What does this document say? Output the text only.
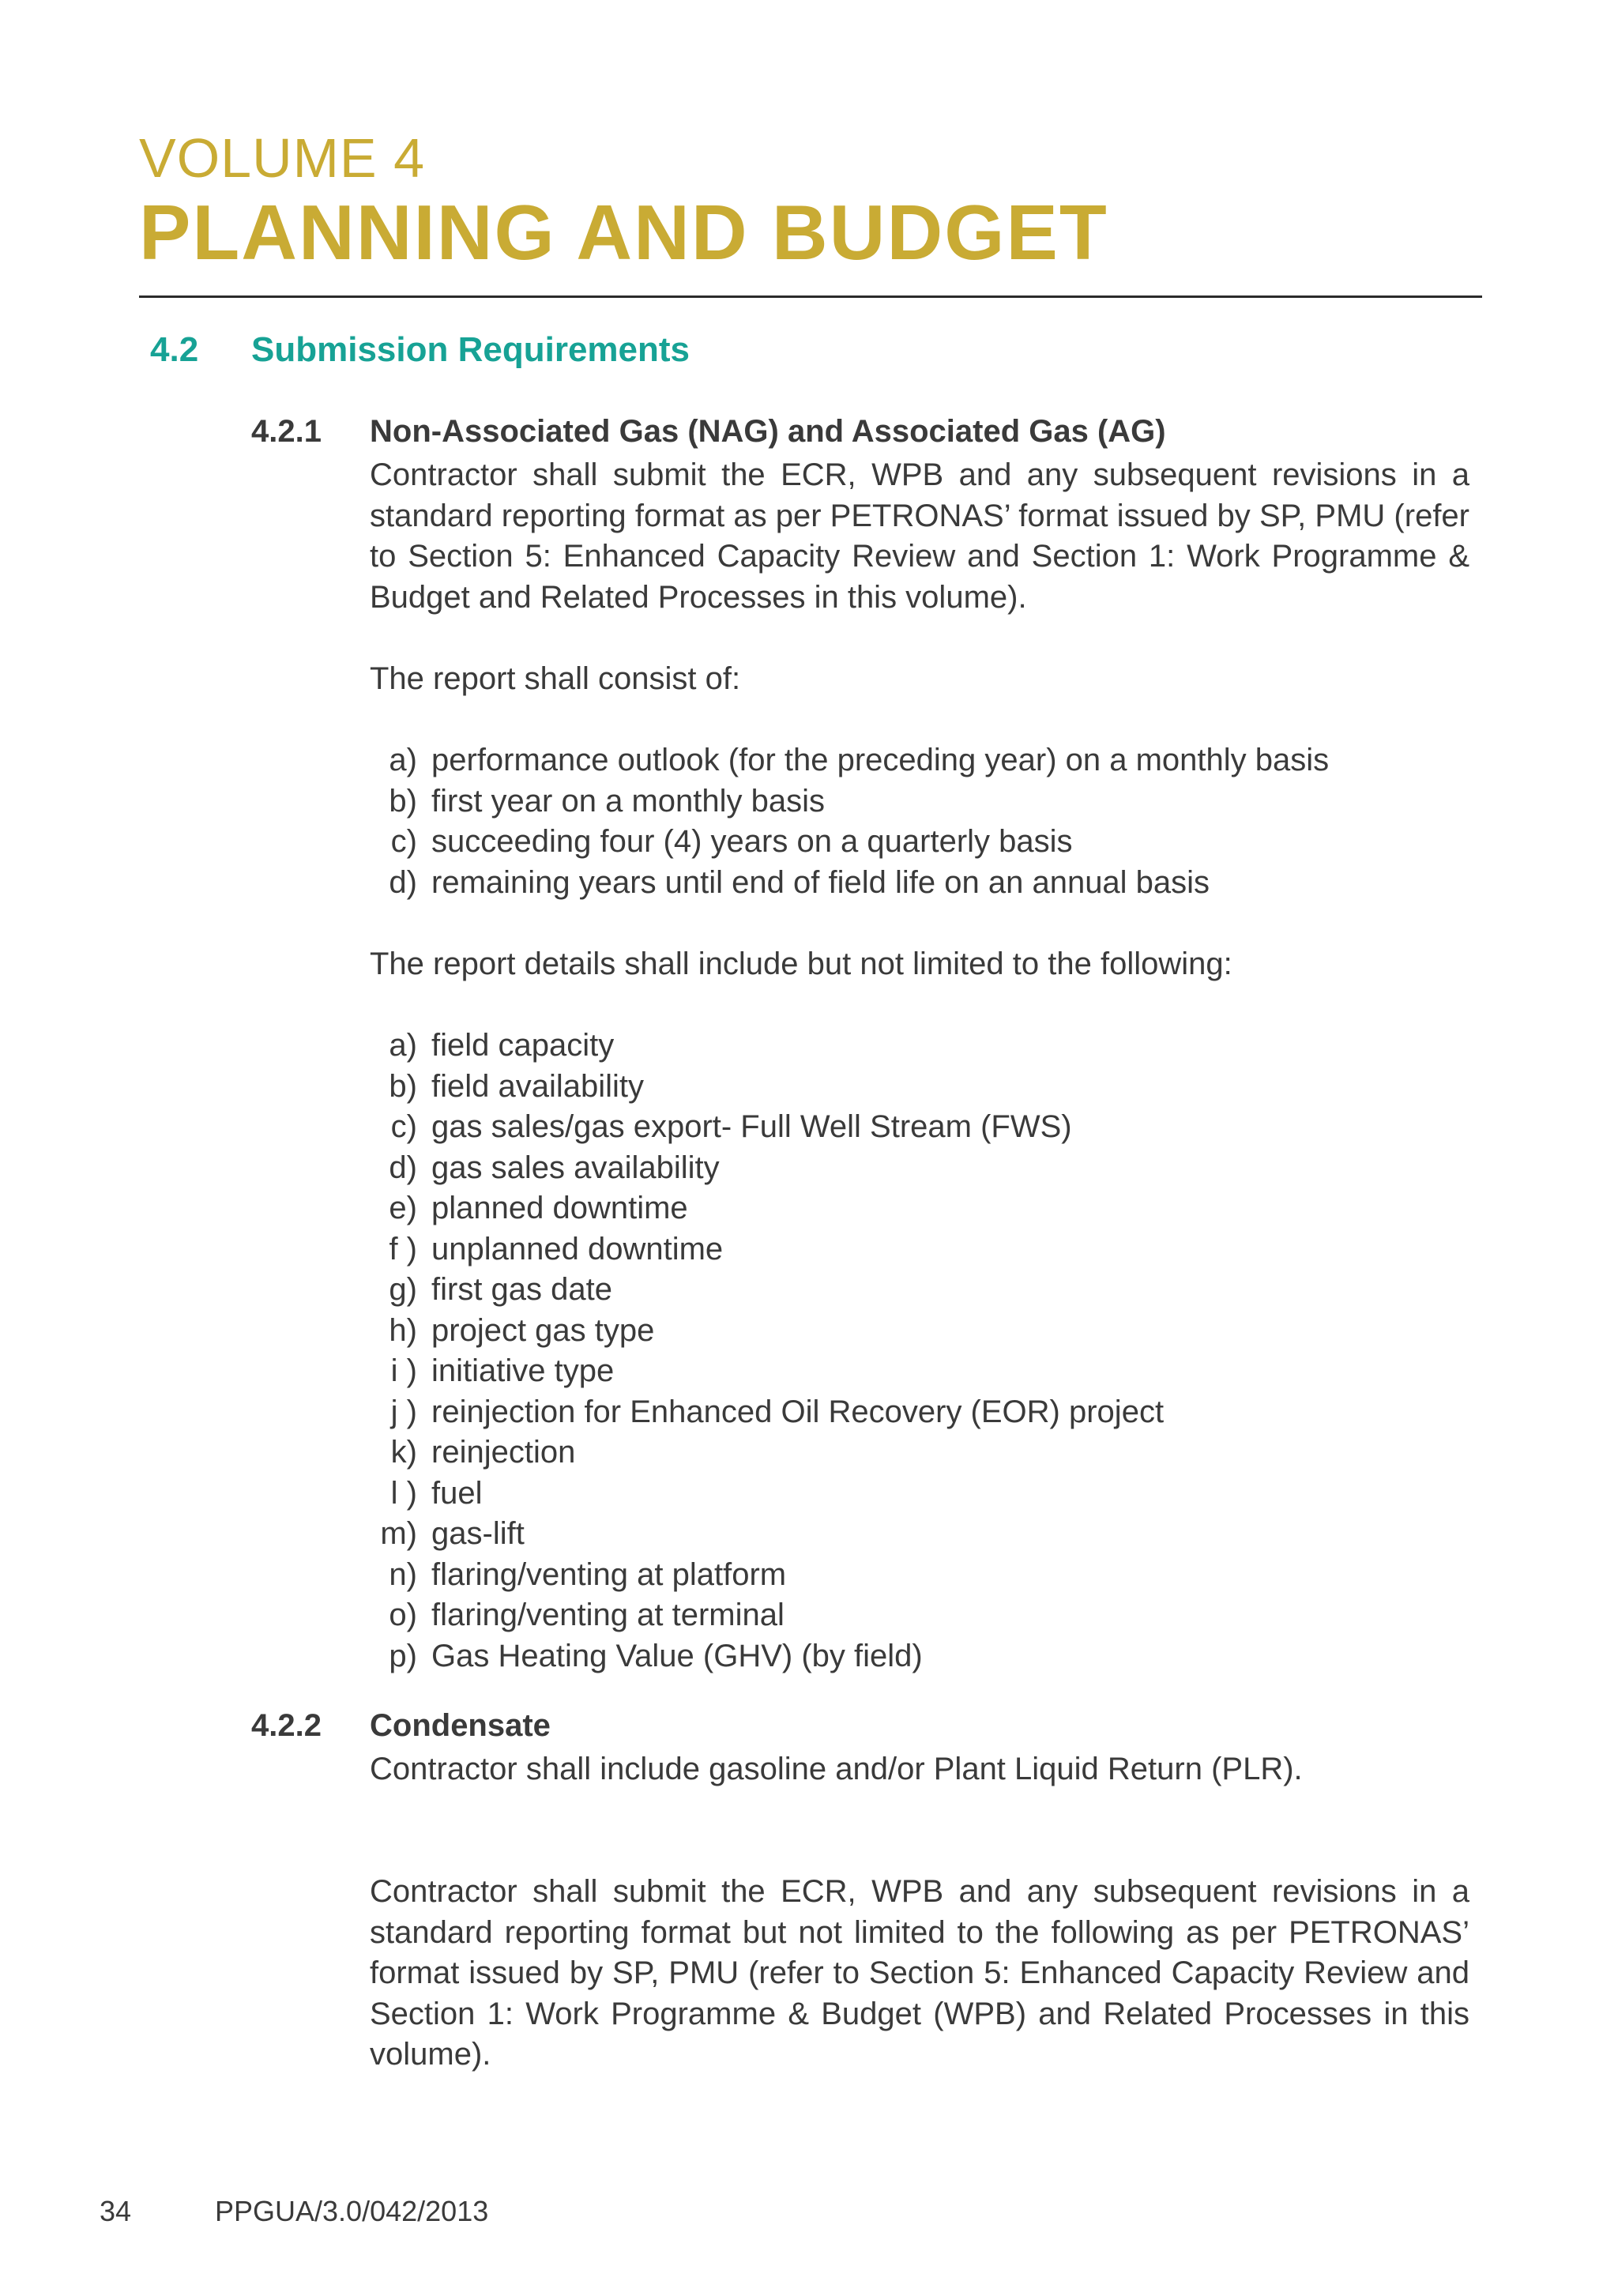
VOLUME 4
PLANNING AND BUDGET
4.2 Submission Requirements
4.2.1 Non-Associated Gas (NAG) and Associated Gas (AG)
Contractor shall submit the ECR, WPB and any subsequent revisions in a standard reporting format as per PETRONAS’ format issued by SP, PMU (refer to Section 5: Enhanced Capacity Review and Section 1: Work Programme & Budget and Related Processes in this volume).
The report shall consist of:
a) performance outlook (for the preceding year) on a monthly basis
b) first year on a monthly basis
c) succeeding four (4) years on a quarterly basis
d) remaining years until end of field life on an annual basis
The report details shall include but not limited to the following:
a) field capacity
b) field availability
c) gas sales/gas export- Full Well Stream (FWS)
d) gas sales availability
e) planned downtime
f ) unplanned downtime
g) first gas date
h) project gas type
i ) initiative type
j ) reinjection for Enhanced Oil Recovery (EOR) project
k) reinjection
l ) fuel
m) gas-lift
n) flaring/venting at platform
o) flaring/venting at terminal
p) Gas Heating Value (GHV) (by field)
4.2.2 Condensate
Contractor shall include gasoline and/or Plant Liquid Return (PLR).
Contractor shall submit the ECR, WPB and any subsequent revisions in a standard reporting format but not limited to the following as per PETRONAS’ format issued by SP, PMU (refer to Section 5: Enhanced Capacity Review and Section 1: Work Programme & Budget (WPB) and Related Processes in this volume).
34	PPGUA/3.0/042/2013
